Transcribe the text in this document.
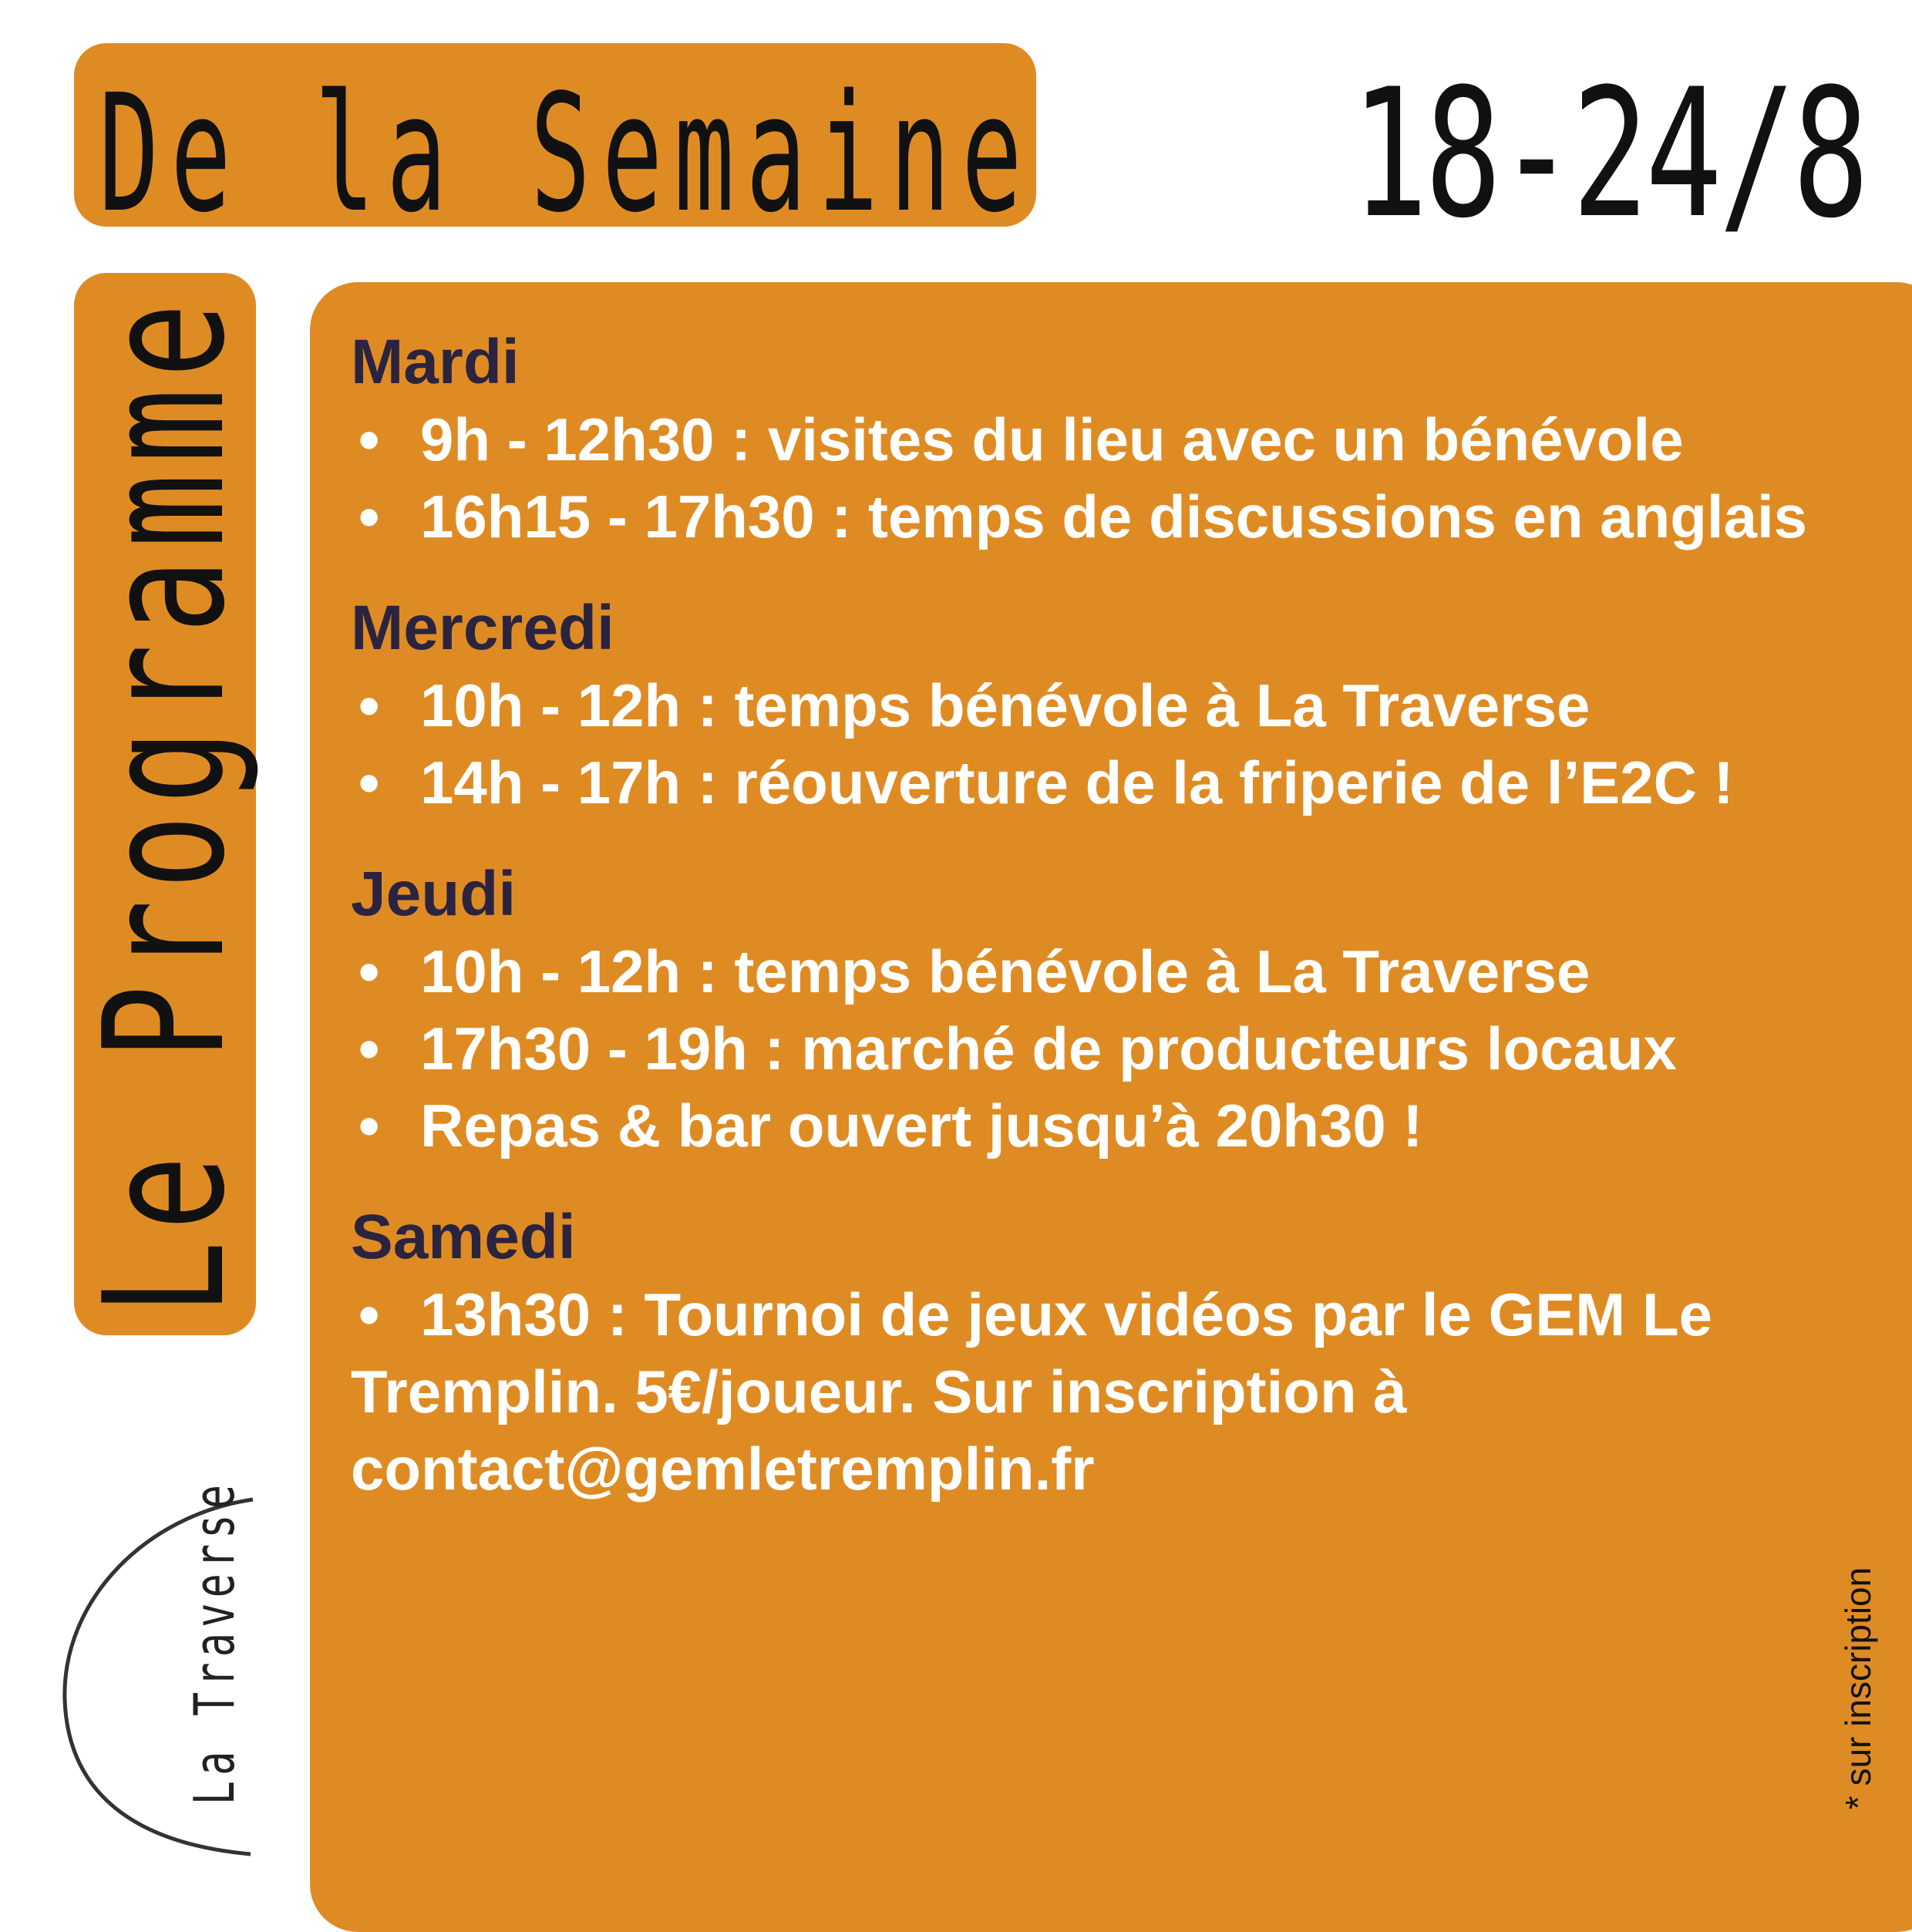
De la Semaine 18-24/8
Le Programme Mardi

• 9h - 12h30 : visites du lieu avec un bénévole

• 16h15 - 17h30 : temps de discussions en anglais

Mercredi

• 10h - 12h : temps bénévole à La Traverse

• 14h - 17h : réouverture de la friperie de l’E2C !

Jeudi

• 10h - 12h : temps bénévole à La Traverse

• 17h30 - 19h : marché de producteurs locaux

• Repas & bar ouvert jusqu’à 20h30 !

Samedi

• 13h30 : Tournoi de jeux vidéos par le GEM Le Tremplin. 5€/joueur. Sur inscription à contact@gemletremplin.fr

La Traverse	* sur inscription
